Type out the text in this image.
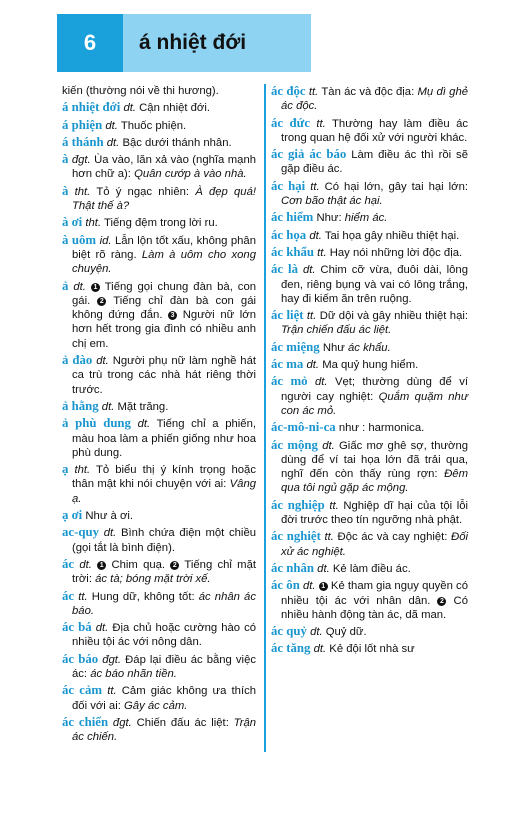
6	á nhiệt đới

kiến (thường nói về thi hương).

á nhiệt đới dt. Cận nhiệt đới.

á phiện dt. Thuốc phiện.

á thánh dt. Bậc dưới thánh nhân.

à đgt. Ùa vào, lăn xả vào (nghĩa mạnh hơn chữ a): Quân cướp à vào nhà.

à tht. Tỏ ý ngạc nhiên: À đẹp quá! Thật thế à?

à ơi tht. Tiếng đệm trong lời ru.

à uôm id. Lẫn lộn tốt xấu, không phân biệt rõ ràng. Làm à uôm cho xong chuyện.

ả dt. 1 Tiếng gọi chung đàn bà, con gái. 2 Tiếng chỉ đàn bà con gái không đứng đắn. 3 Người nữ lớn hơn hết trong gia đình có nhiều anh chị em.

ả đào dt. Người phụ nữ làm nghề hát ca trù trong các nhà hát riêng thời trước.

ả hằng dt. Mặt trăng.

ả phù dung dt. Tiếng chỉ a phiến, màu hoa làm a phiến giống như hoa phù dung.

ạ tht. Tỏ biểu thị ý kính trọng hoặc thân mật khi nói chuyện với ai: Vâng ạ.

ạ ơi Như à ơi.

ac-quy dt. Bình chứa điện một chiều (gọi tắt là bình điện).

ác dt. 1 Chim quạ. 2 Tiếng chỉ mặt trời: ác tà; bóng mặt trời xế.

ác tt. Hung dữ, không tốt: ác nhân ác báo.

ác bá dt. Địa chủ hoặc cường hào có nhiều tội ác với nông dân.

ác báo đgt. Đáp lại điều ác bằng việc ác: ác báo nhãn tiền.

ác cảm tt. Cảm giác không ưa thích đối với ai: Gây ác cảm.

ác chiến đgt. Chiến đấu ác liệt: Trận ác chiến.

ác độc tt. Tàn ác và độc địa: Mụ dì ghẻ ác độc.

ác đức tt. Thường hay làm điều ác trong quan hệ đối xử với người khác.

ác giả ác báo Làm điều ác thì rồi sẽ gặp điều ác.

ác hại tt. Có hại lớn, gây tai hại lớn: Cơn bão thật ác hại.

ác hiểm Như: hiểm ác.

ác họa dt. Tai họa gây nhiều thiệt hại.

ác khẩu tt. Hay nói những lời độc địa.

ác là dt. Chim cỡ vừa, đuôi dài, lông đen, riêng bụng và vai có lông trắng, hay đi kiếm ăn trên ruộng.

ác liệt tt. Dữ dội và gây nhiều thiệt hại: Trận chiến đấu ác liệt.

ác miệng Như ác khẩu.

ác ma dt. Ma quỷ hung hiểm.

ác mỏ dt. Vẹt; thường dùng để ví người cay nghiệt: Quắm quặm như con ác mỏ.

ác-mô-ni-ca như : harmonica.

ác mộng dt. Giấc mơ ghê sợ, thường dùng để ví tai họa lớn đã trải qua, nghĩ đến còn thấy rùng rợn: Đêm qua tôi ngủ gặp ác mộng.

ác nghiệp tt. Nghiệp dĩ hại của tội lỗi đời trước theo tín ngưỡng nhà phật.

ác nghiệt tt. Độc ác và cay nghiệt: Đối xử ác nghiệt.

ác nhân dt. Kẻ làm điều ác.

ác ôn dt. 1 Kẻ tham gia ngụy quyền có nhiều tội ác với nhân dân. 2 Có nhiều hành động tàn ác, dã man.

ác quỷ dt. Quỷ dữ.

ác tăng dt. Kẻ đội lốt nhà sư
